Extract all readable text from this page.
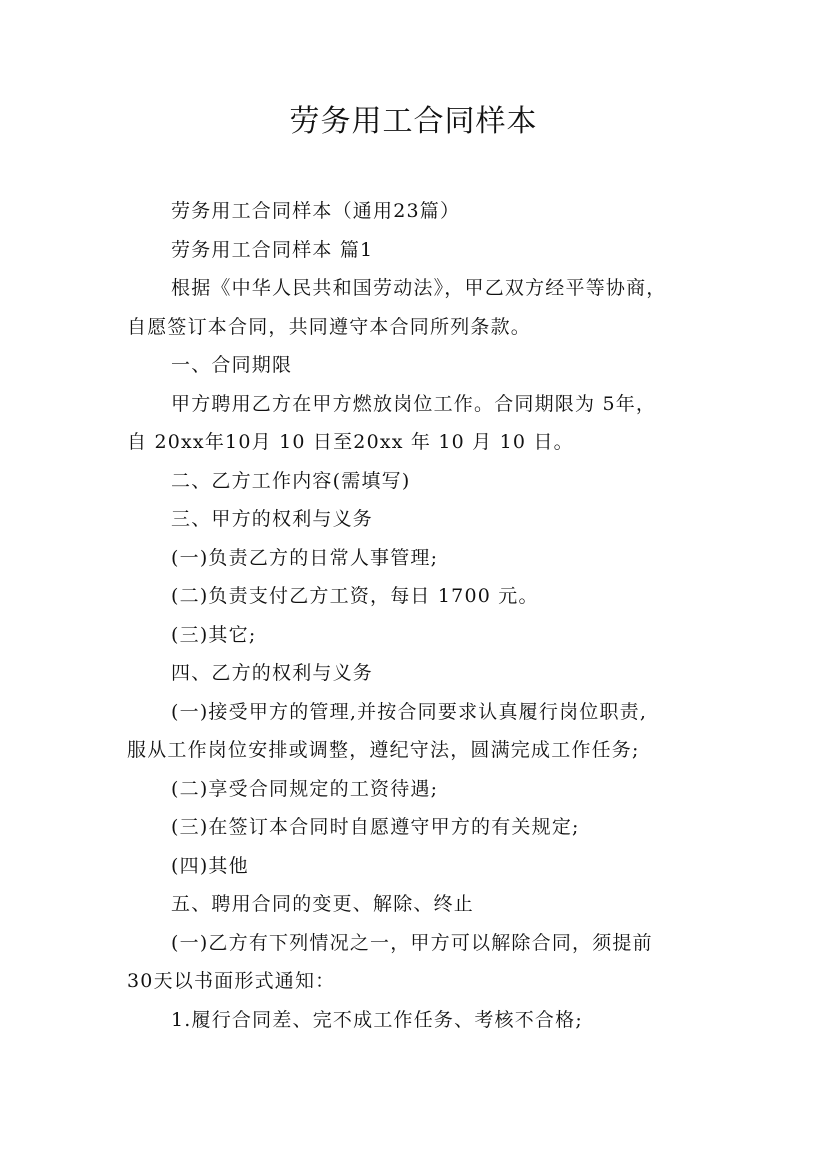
劳务用工合同样本

劳务用工合同样本（通用23篇）

劳务用工合同样本 篇1

根据《中华人民共和国劳动法》，甲乙双方经平等协商，

自愿签订本合同，共同遵守本合同所列条款。

一、合同期限

甲方聘用乙方在甲方燃放岗位工作。合同期限为 5年，

自 20xx年10月 10 日至20xx 年 10 月 10 日。

二、乙方工作内容(需填写)

三、甲方的权利与义务

(一)负责乙方的日常人事管理;

(二)负责支付乙方工资，每日 1700 元。

(三)其它;

四、乙方的权利与义务

(一)接受甲方的管理,并按合同要求认真履行岗位职责,

服从工作岗位安排或调整，遵纪守法，圆满完成工作任务;

(二)享受合同规定的工资待遇;

(三)在签订本合同时自愿遵守甲方的有关规定;

(四)其他

五、聘用合同的变更、解除、终止

(一)乙方有下列情况之一，甲方可以解除合同，须提前

30天以书面形式通知：

1.履行合同差、完不成工作任务、考核不合格;
